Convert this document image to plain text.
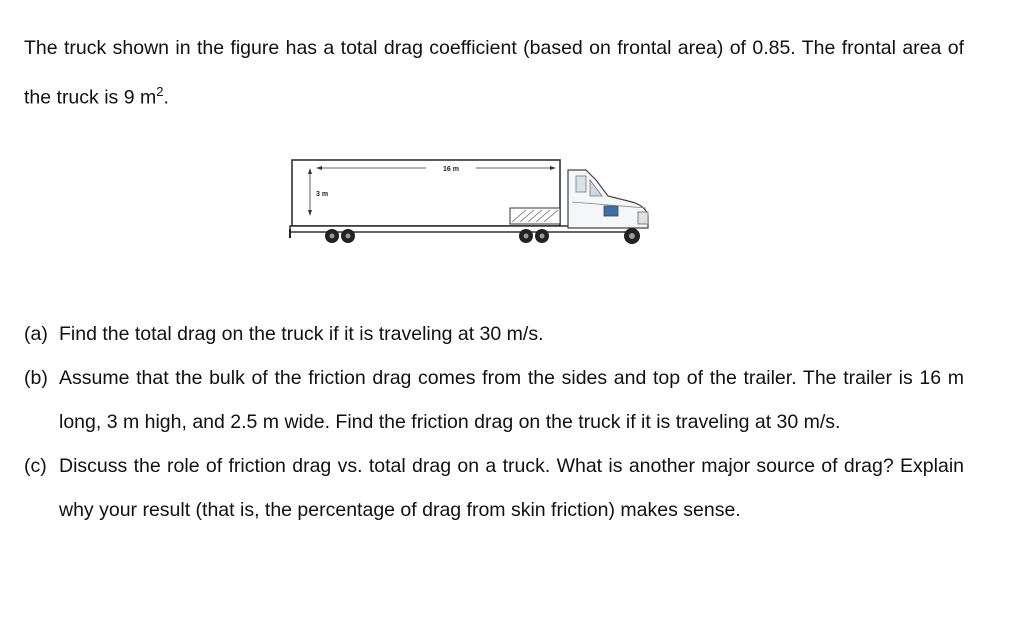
The truck shown in the figure has a total drag coefficient (based on frontal area) of 0.85. The frontal area of the truck is 9 $m^2$.
16 m
3 m
(a) Find the total drag on the truck if it is traveling at 30 m/s.
(b) Assume that the bulk of the friction drag comes from the sides and top of the trailer. The trailer is 16 m long, 3 m high, and 2.5 m wide. Find the friction drag on the truck if it is traveling at 30 m/s.
(c) Discuss the role of friction drag vs. total drag on a truck. What is another major source of drag? Explain why your result (that is, the percentage of drag from skin friction) makes sense.
